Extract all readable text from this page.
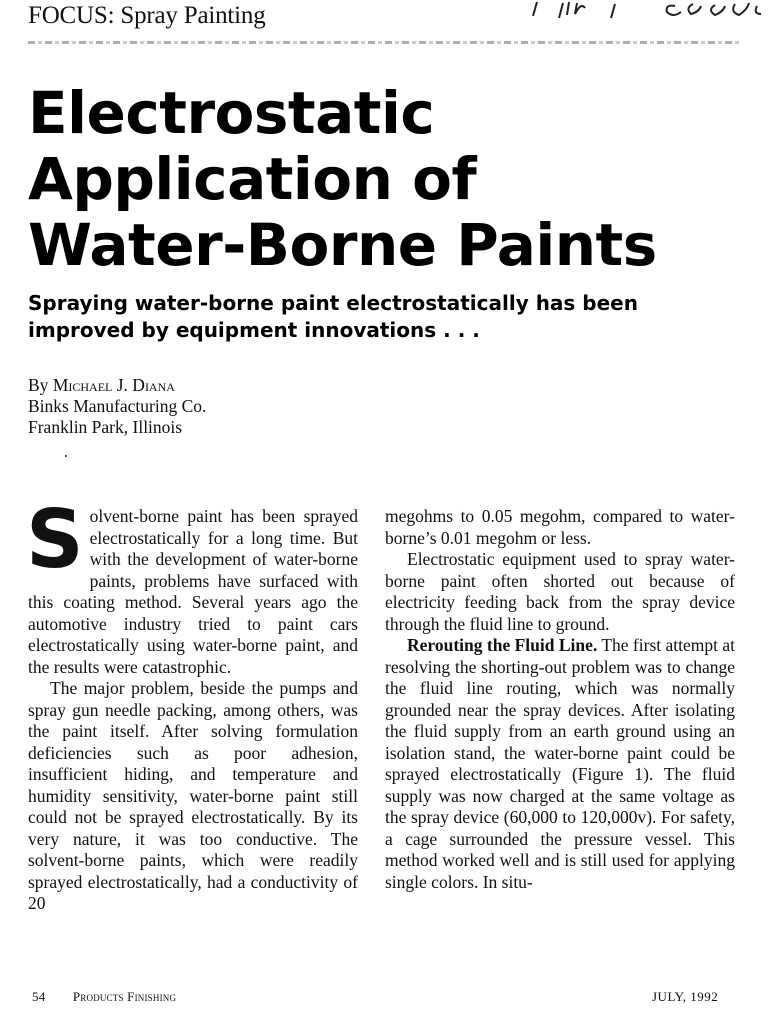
FOCUS: Spray Painting
Electrostatic
Application of
Water-Borne Paints
Spraying water-borne paint electrostatically has been
improved by equipment innovations . . .
By Michael J. Diana
Binks Manufacturing Co.
Franklin Park, Illinois

Solvent-borne paint has been sprayed electrostatically for a long time. But with the development of water-borne paints, problems have surfaced with this coating method. Several years ago the automotive industry tried to paint cars electrostatically using water-borne paint, and the results were catastrophic.

The major problem, beside the pumps and spray gun needle packing, among others, was the paint itself. After solving formulation deficiencies such as poor adhesion, insufficient hiding, and temperature and humidity sensitivity, water-borne paint still could not be sprayed electrostatically. By its very nature, it was too conductive. The solvent-borne paints, which were readily sprayed electrostatically, had a conductivity of 20

megohms to 0.05 megohm, compared to water-borne’s 0.01 megohm or less.

Electrostatic equipment used to spray water-borne paint often shorted out because of electricity feeding back from the spray device through the fluid line to ground.

Rerouting the Fluid Line. The first attempt at resolving the shorting-out problem was to change the fluid line routing, which was normally grounded near the spray devices. After isolating the fluid supply from an earth ground using an isolation stand, the water-borne paint could be sprayed electrostatically (Figure 1). The fluid supply was now charged at the same voltage as the spray device (60,000 to 120,000v). For safety, a cage surrounded the pressure vessel. This method worked well and is still used for applying single colors. In situ-

54 Products Finishing	JULY, 1992
